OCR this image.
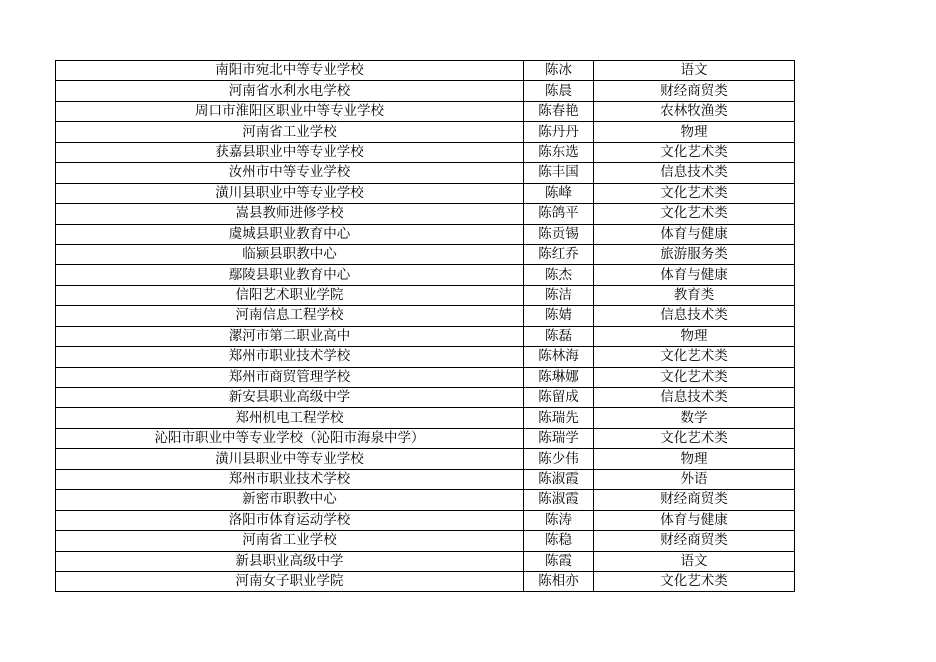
南阳市宛北中等专业学校	陈冰	语文
河南省水利水电学校	陈晨	财经商贸类
周口市淮阳区职业中等专业学校	陈春艳	农林牧渔类
河南省工业学校	陈丹丹	物理
获嘉县职业中等专业学校	陈东选	文化艺术类
汝州市中等专业学校	陈丰国	信息技术类
潢川县职业中等专业学校	陈峰	文化艺术类
嵩县教师进修学校	陈鸽平	文化艺术类
虞城县职业教育中心	陈贡锡	体育与健康
临颍县职教中心	陈红乔	旅游服务类
鄢陵县职业教育中心	陈杰	体育与健康
信阳艺术职业学院	陈洁	教育类
河南信息工程学校	陈婧	信息技术类
漯河市第二职业高中	陈磊	物理
郑州市职业技术学校	陈林海	文化艺术类
郑州市商贸管理学校	陈琳娜	文化艺术类
新安县职业高级中学	陈留成	信息技术类
郑州机电工程学校	陈瑞先	数学
沁阳市职业中等专业学校（沁阳市海泉中学）	陈瑞学	文化艺术类
潢川县职业中等专业学校	陈少伟	物理
郑州市职业技术学校	陈淑霞	外语
新密市职教中心	陈淑霞	财经商贸类
洛阳市体育运动学校	陈涛	体育与健康
河南省工业学校	陈稳	财经商贸类
新县职业高级中学	陈霞	语文
河南女子职业学院	陈相亦	文化艺术类
